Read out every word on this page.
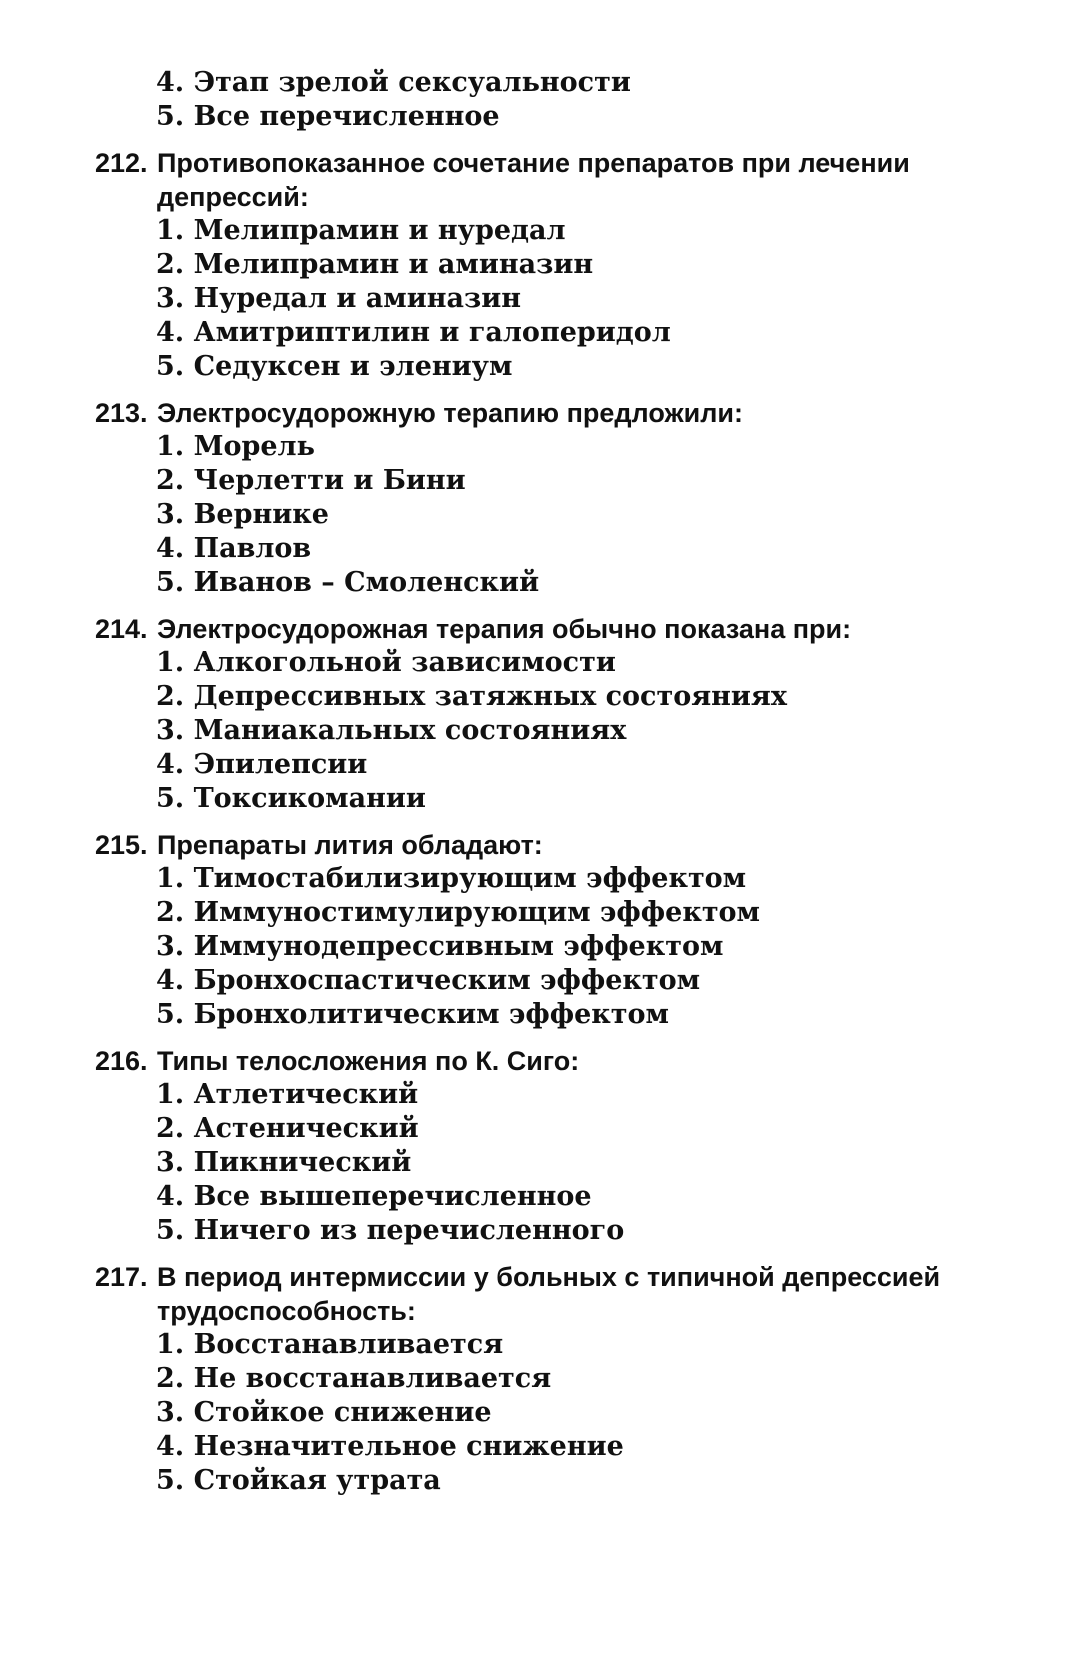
4. Этап зрелой сексуальности
5. Все перечисленное
212. Противопоказанное сочетание препаратов при лечении депрессий:
1. Мелипрамин и нуредал
2. Мелипрамин и аминазин
3. Нуредал и аминазин
4. Амитриптилин и галоперидол
5. Седуксен и элениум
213. Электросудорожную терапию предложили:
1. Морель
2. Черлетти и Бини
3. Вернике
4. Павлов
5. Иванов – Смоленский
214. Электросудорожная терапия обычно показана при:
1. Алкогольной зависимости
2. Депрессивных затяжных состояниях
3. Маниакальных состояниях
4. Эпилепсии
5. Токсикомании
215. Препараты лития обладают:
1. Тимостабилизирующим эффектом
2. Иммуностимулирующим эффектом
3. Иммунодепрессивным эффектом
4. Бронхоспастическим эффектом
5. Бронхолитическим эффектом
216. Типы телосложения по К. Сиго:
1. Атлетический
2. Астенический
3. Пикнический
4. Все вышеперечисленное
5. Ничего из перечисленного
217. В период интермиссии у больных с типичной депрессией трудоспособность:
1. Восстанавливается
2. Не восстанавливается
3. Стойкое снижение
4. Незначительное снижение
5. Стойкая утрата
